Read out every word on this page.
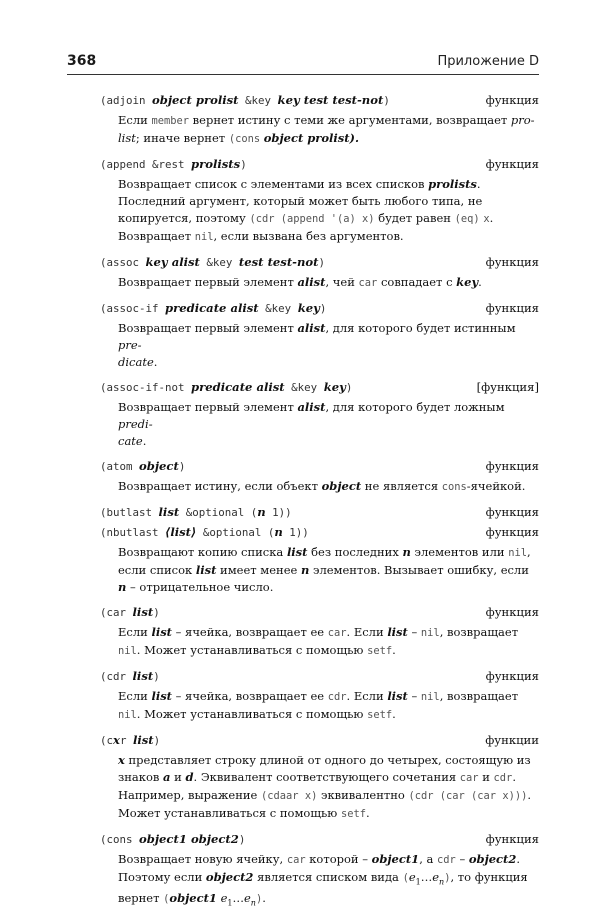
368	Приложение D
(adjoin object prolist &key key test test-not)	функция
Если member вернет истину с теми же аргументами, возвращает pro-
list; иначе вернет (cons object prolist).
(append &rest prolists)	функция
Возвращает список с элементами из всех списков prolists. Последний аргумент, который может быть любого типа, не копируется, поэтому (cdr (append '(a) x) будет равен (eq) x. Возвращает nil, если вызвана без аргументов.
(assoc key alist &key test test-not)	функция
Возвращает первый элемент alist, чей car совпадает с key.
(assoc-if predicate alist &key key)	функция
Возвращает первый элемент alist, для которого будет истинным pre-
dicate.
(assoc-if-not predicate alist &key key)	[функция]
Возвращает первый элемент alist, для которого будет ложным predi-
cate.
(atom object)	функция
Возвращает истину, если объект object не является cons-ячейкой.
(butlast list &optional (n 1))	функция
(nbutlast ⟨list⟩ &optional (n 1))	функция
Возвращают копию списка list без последних n элементов или nil, если список list имеет менее n элементов. Вызывает ошибку, если n – отрицательное число.
(car list)	функция
Если list – ячейка, возвращает ее car. Если list – nil, возвращает nil. Может устанавливаться с помощью setf.
(cdr list)	функция
Если list – ячейка, возвращает ее cdr. Если list – nil, возвращает nil. Может устанавливаться с помощью setf.
(cxr list)	функции
x представляет строку длиной от одного до четырех, состоящую из знаков a и d. Эквивалент соответствующего сочетания car и cdr. Например, выражение (cdaar x) эквивалентно (cdr (car (car x))). Может устанавливаться с помощью setf.
(cons object1 object2)	функция
Возвращает новую ячейку, car которой – object1, а cdr – object2. Поэтому если object2 является списком вида $(e_1\dots e_n)$, то функция вернет (object1 $e_1\dots e_n$).
